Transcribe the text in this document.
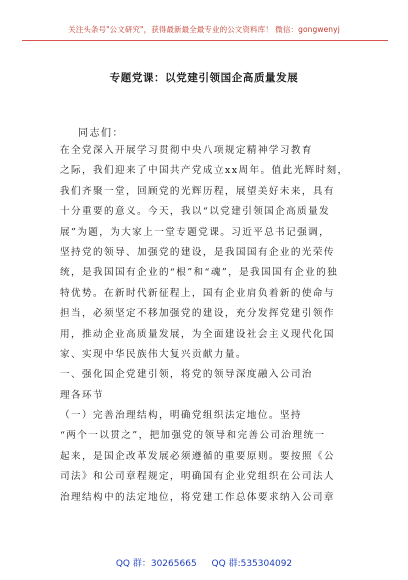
关注头条号"公文研究"，获得最新最全最专业的公文资料库！ 微信：gongwenyj
专题党课：以党建引领国企高质量发展
同志们：
在全党深入开展学习贯彻中央八项规定精神学习教育
之际，我们迎来了中国共产党成立xx周年。值此光辉时刻，
我们齐聚一堂，回顾党的光辉历程，展望美好未来，具有
十分重要的意义。今天，我以“以党建引领国企高质量发
展”为题，为大家上一堂专题党课。习近平总书记强调，
坚持党的领导、加强党的建设，是我国国有企业的光荣传
统，是我国国有企业的“根”和“魂”，是我国国有企业的独
特优势。在新时代新征程上，国有企业肩负着新的使命与
担当，必须坚定不移加强党的建设，充分发挥党建引领作
用，推动企业高质量发展，为全面建设社会主义现代化国
家、实现中华民族伟大复兴贡献力量。
一、强化国企党建引领，将党的领导深度融入公司治
理各环节
（一）完善治理结构，明确党组织法定地位。坚持
“两个一以贯之”，把加强党的领导和完善公司治理统一
起来，是国企改革发展必须遵循的重要原则。要按照《公
司法》和公司章程规定，明确国有企业党组织在公司法人
治理结构中的法定地位，将党建工作总体要求纳入公司章
QQ 群：30265665 QQ 群:535304092
